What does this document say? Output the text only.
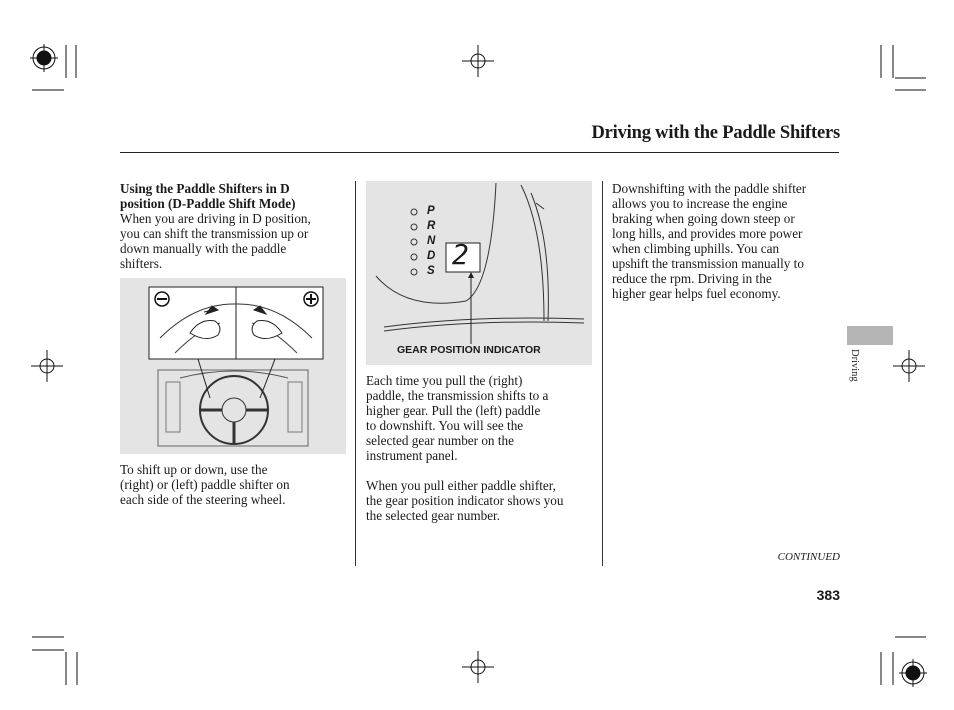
Driving with the Paddle Shifters

Using the Paddle Shifters in D

position (D-Paddle Shift Mode)

When you are driving in D position,

you can shift the transmission up or

down manually with the paddle

shifters.

To shift up or down, use the

(right) or (left) paddle shifter on

each side of the steering wheel.

P
R
N
D
S 2
GEAR POSITION INDICATOR

Each time you pull the (right)

paddle, the transmission shifts to a

higher gear. Pull the (left) paddle

to downshift. You will see the

selected gear number on the

instrument panel.

When you pull either paddle shifter,

the gear position indicator shows you

the selected gear number.

Downshifting with the paddle shifter

allows you to increase the engine

braking when going down steep or

long hills, and provides more power

when climbing uphills. You can

upshift the transmission manually to

reduce the rpm. Driving in the

higher gear helps fuel economy.

Driving
CONTINUED
383
